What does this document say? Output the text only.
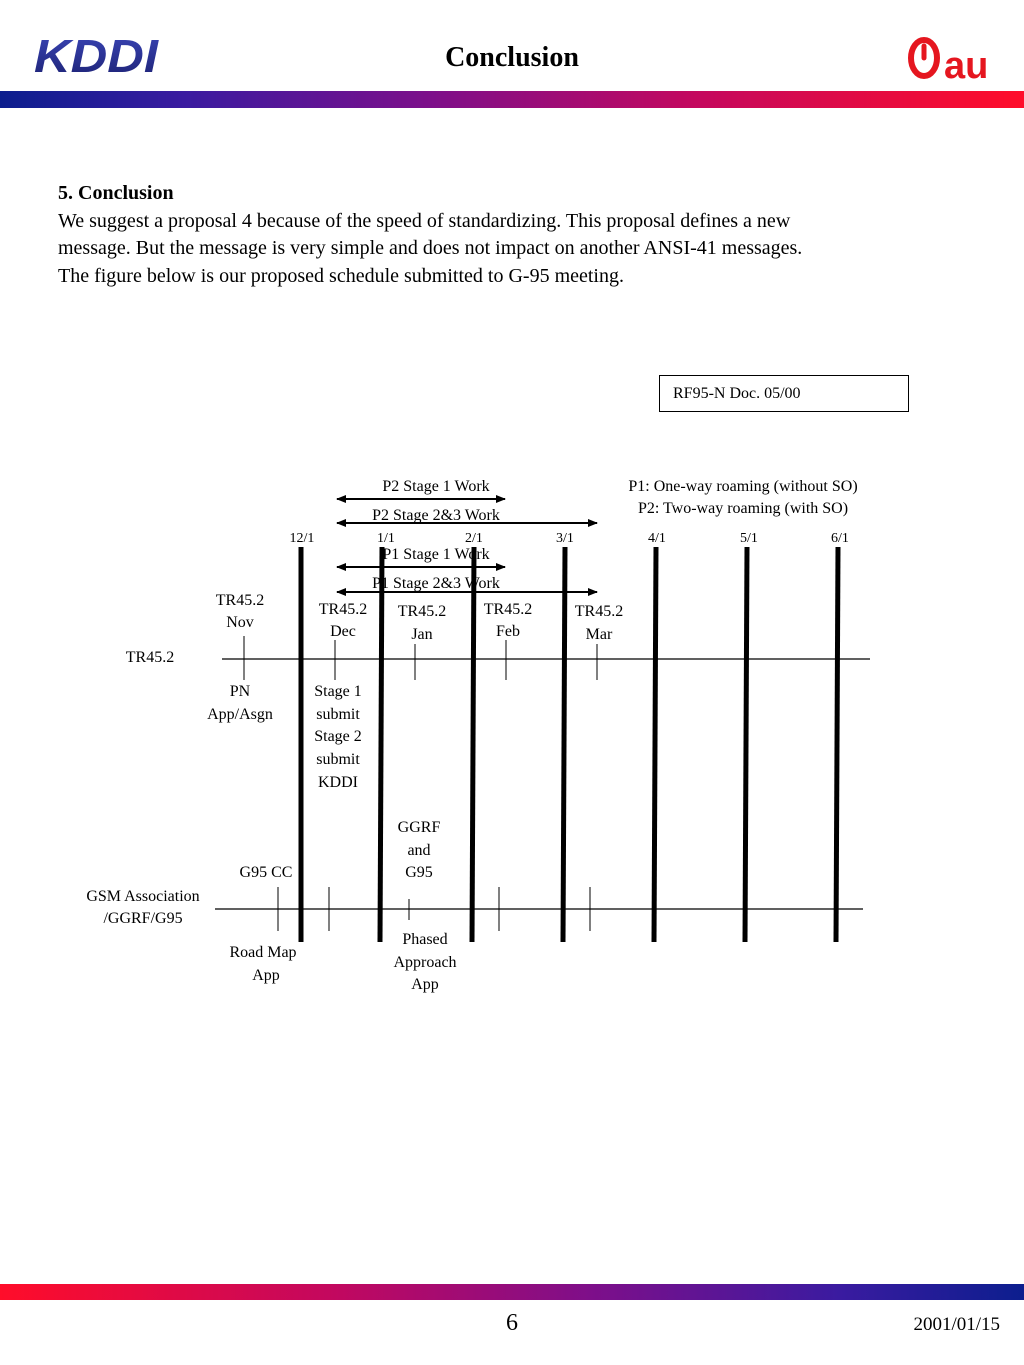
KDDI	Conclusion	au
5. Conclusion
We suggest a proposal 4 because of the speed of standardizing. This proposal defines a new
message. But the message is very simple and does not impact on another ANSI-41 messages.
The figure below is our proposed schedule submitted to G-95 meeting.
RF95-N Doc. 05/00
P1: One-way roaming (without SO)
P2: Two-way roaming (with SO)
12/1	1/1	2/1	3/1	4/1	5/1	6/1
P2 Stage 1 Work
P2 Stage 2&3 Work
P1 Stage 1 Work
P1 Stage 2&3 Work
TR45.2
TR45.2
Nov
TR45.2
Dec
TR45.2
Jan
TR45.2
Feb
TR45.2
Mar
PN
App/Asgn
Stage 1
submit
Stage 2
submit
KDDI
GSM Association
/GGRF/G95
G95 CC
GGRF
and
G95
Road Map
App
Phased
Approach
App
6	2001/01/15
